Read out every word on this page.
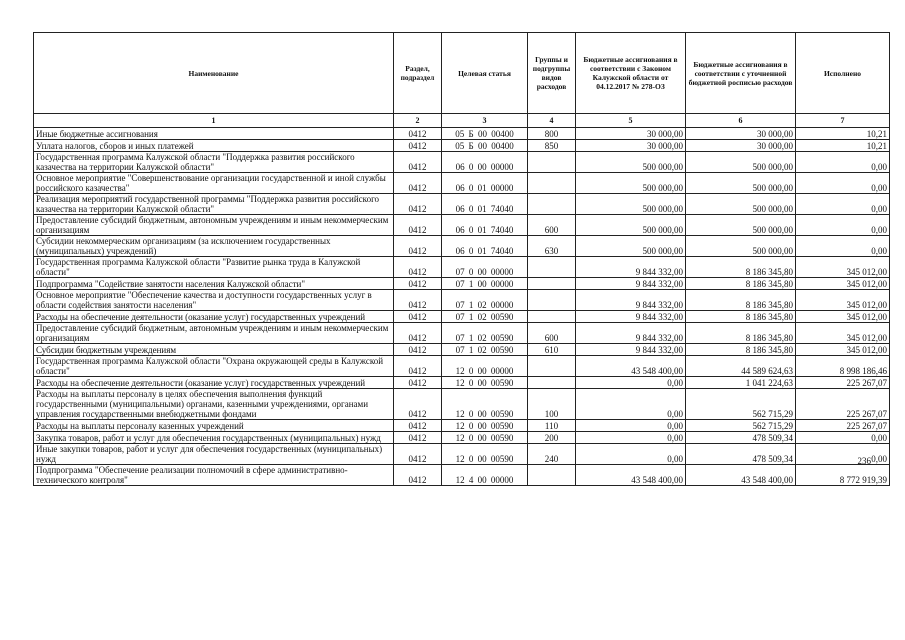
Наименование	Раздел, подраздел	Целевая статья	Группы и подгруппы видов расходов	Бюджетные ассигнования в соответствии с Законом Калужской области от 04.12.2017 № 278-ОЗ	Бюджетные ассигнования в соответствии с уточненной бюджетной росписью расходов	Исполнено
1	2	3	4	5	6	7
Иные бюджетные ассигнования	0412	05 Б 00 00400	800	30 000,00	30 000,00	10,21
Уплата налогов, сборов и иных платежей	0412	05 Б 00 00400	850	30 000,00	30 000,00	10,21
Государственная программа Калужской области "Поддержка развития российского казачества на территории Калужской области"	0412	06 0 00 00000		500 000,00	500 000,00	0,00
Основное мероприятие "Совершенствование организации государственной и иной службы российского казачества"	0412	06 0 01 00000		500 000,00	500 000,00	0,00
Реализация мероприятий государственной программы "Поддержка развития российского казачества на территории Калужской области"	0412	06 0 01 74040		500 000,00	500 000,00	0,00
Предоставление субсидий бюджетным, автономным учреждениям и иным некоммерческим организациям	0412	06 0 01 74040	600	500 000,00	500 000,00	0,00
Субсидии некоммерческим организациям (за исключением государственных (муниципальных) учреждений)	0412	06 0 01 74040	630	500 000,00	500 000,00	0,00
Государственная программа Калужской области "Развитие рынка труда в Калужской области"	0412	07 0 00 00000		9 844 332,00	8 186 345,80	345 012,00
Подпрограмма "Содействие занятости населения Калужской области"	0412	07 1 00 00000		9 844 332,00	8 186 345,80	345 012,00
Основное мероприятие "Обеспечение качества и доступности государственных услуг в области содействия занятости населения"	0412	07 1 02 00000		9 844 332,00	8 186 345,80	345 012,00
Расходы на обеспечение деятельности (оказание услуг) государственных учреждений	0412	07 1 02 00590		9 844 332,00	8 186 345,80	345 012,00
Предоставление субсидий бюджетным, автономным учреждениям и иным некоммерческим организациям	0412	07 1 02 00590	600	9 844 332,00	8 186 345,80	345 012,00
Субсидии бюджетным учреждениям	0412	07 1 02 00590	610	9 844 332,00	8 186 345,80	345 012,00
Государственная программа Калужской области "Охрана окружающей среды в Калужской области"	0412	12 0 00 00000		43 548 400,00	44 589 624,63	8 998 186,46
Расходы на обеспечение деятельности (оказание услуг) государственных учреждений	0412	12 0 00 00590		0,00	1 041 224,63	225 267,07
Расходы на выплаты персоналу в целях обеспечения выполнения функций государственными (муниципальными) органами, казенными учреждениями, органами управления государственными внебюджетными фондами	0412	12 0 00 00590	100	0,00	562 715,29	225 267,07
Расходы на выплаты персоналу казенных учреждений	0412	12 0 00 00590	110	0,00	562 715,29	225 267,07
Закупка товаров, работ и услуг для обеспечения государственных (муниципальных) нужд	0412	12 0 00 00590	200	0,00	478 509,34	0,00
Иные закупки товаров, работ и услуг для обеспечения государственных (муниципальных) нужд	0412	12 0 00 00590	240	0,00	478 509,34	0,00
Подпрограмма "Обеспечение реализации полномочий в сфере административно-технического контроля"	0412	12 4 00 00000		43 548 400,00	43 548 400,00	8 772 919,39
236
